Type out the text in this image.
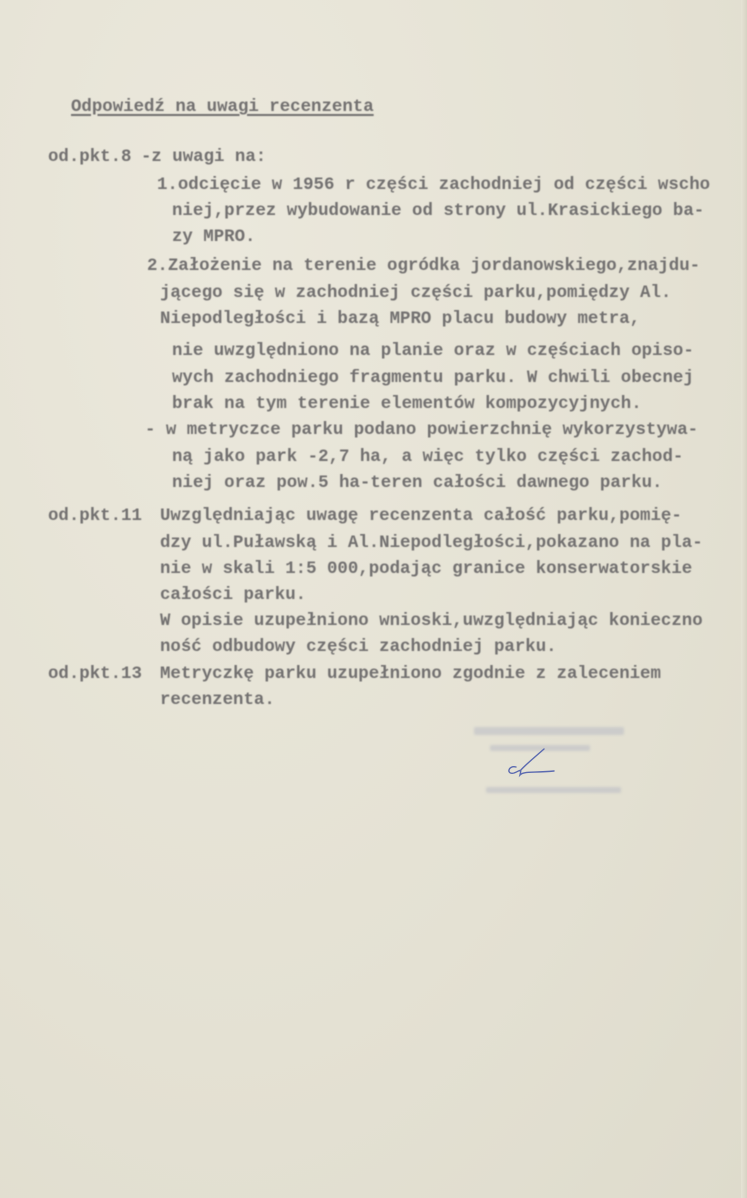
Odpowiedź na uwagi recenzenta
od.pkt.8 -z uwagi na:
1.odcięcie w 1956 r części zachodniej od części wscho
niej,przez wybudowanie od strony ul.Krasickiego ba-
zy MPRO.
2.Założenie na terenie ogródka jordanowskiego,znajdu-
jącego się w zachodniej części parku,pomiędzy Al.
Niepodległości i bazą MPRO placu budowy metra,
nie uwzględniono na planie oraz w częściach opiso-
wych zachodniego fragmentu parku. W chwili obecnej
brak na tym terenie elementów kompozycyjnych.
- w metryczce parku podano powierzchnię wykorzystywa-
ną jako park -2,7 ha, a więc tylko części zachod-
niej oraz pow.5 ha-teren całości dawnego parku.
od.pkt.11 Uwzględniając uwagę recenzenta całość parku,pomię-
dzy ul.Puławską i Al.Niepodległości,pokazano na pla-
nie w skali 1:5 000,podając granice konserwatorskie
całości parku.
W opisie uzupełniono wnioski,uwzględniając konieczno
ność odbudowy części zachodniej parku.
od.pkt.13 Metryczkę parku uzupełniono zgodnie z zaleceniem
recenzenta.
